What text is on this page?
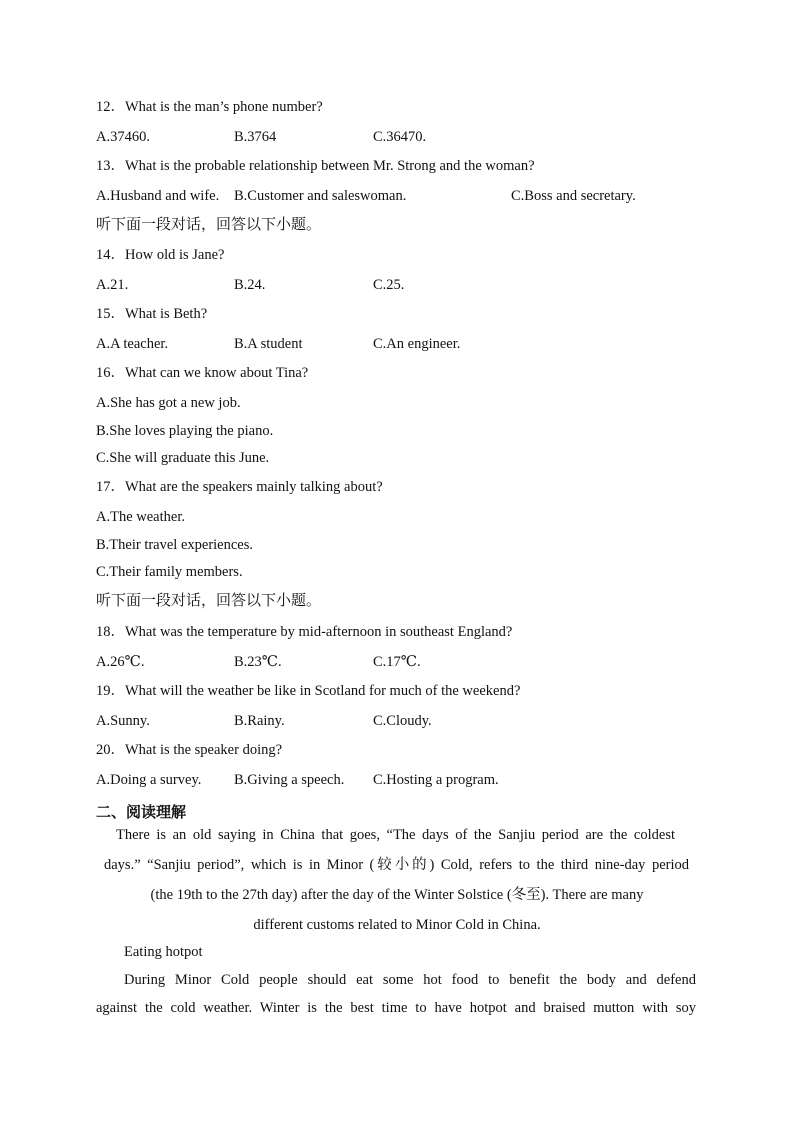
12．What is the man’s phone number?
A.37460.	B.3764	C.36470.
13．What is the probable relationship between Mr. Strong and the woman?
A.Husband and wife. B.Customer and saleswoman.	C.Boss and secretary.
听下面一段对话，回答以下小题。
14．How old is Jane?
A.21.	B.24.	C.25.
15．What is Beth?
A.A teacher.	B.A student	C.An engineer.
16．What can we know about Tina?
A.She has got a new job.
B.She loves playing the piano.
C.She will graduate this June.
17．What are the speakers mainly talking about?
A.The weather.
B.Their travel experiences.
C.Their family members.
听下面一段对话，回答以下小题。
18．What was the temperature by mid-afternoon in southeast England?
A.26℃.	B.23℃.	C.17℃.
19．What will the weather be like in Scotland for much of the weekend?
A.Sunny.	B.Rainy.	C.Cloudy.
20．What is the speaker doing?
A.Doing a survey. B.Giving a speech. C.Hosting a program.
二、阅读理解
There is an old saying in China that goes, “The days of the Sanjiu period are the coldest
days.” “Sanjiu period”, which is in Minor (较小的) Cold, refers to the third nine-day period
(the 19th to the 27th day) after the day of the Winter Solstice (冬至). There are many
different customs related to Minor Cold in China.
Eating hotpot
During Minor Cold people should eat some hot food to benefit the body and defend
against the cold weather. Winter is the best time to have hotpot and braised mutton with soy
